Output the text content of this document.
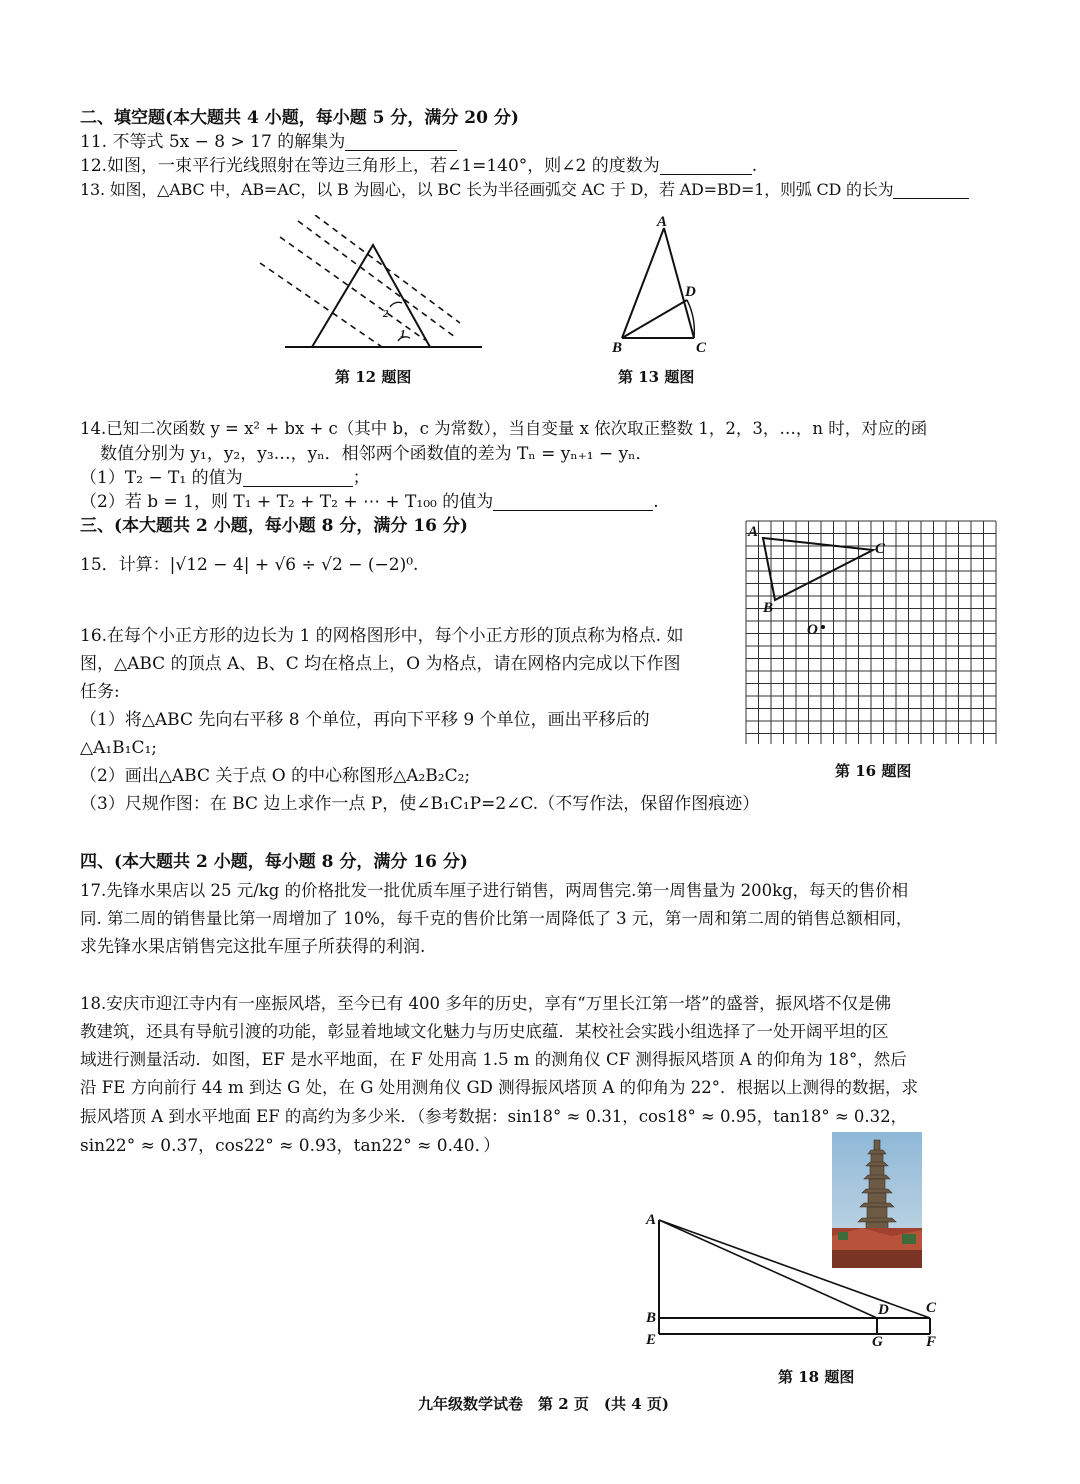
二、填空题(本大题共 4 小题，每小题 5 分，满分 20 分)
11. 不等式 5x − 8 > 17 的解集为
12.如图，一束平行光线照射在等边三角形上，若∠1=140°，则∠2 的度数为	.
13. 如图，△ABC 中，AB=AC，以 B 为圆心，以 BC 长为半径画弧交 AC 于 D，若 AD=BD=1，则弧 CD 的长为
2
1
第 12 题图
A
D
B	C
第 13 题图
14.已知二次函数 y = x² + bx + c（其中 b，c 为常数），当自变量 x 依次取正整数 1，2，3，…，n 时，对应的函
数值分别为 y₁，y₂，y₃…，yₙ．相邻两个函数值的差为 Tₙ = yₙ₊₁ − yₙ．
（1）T₂ − T₁ 的值为	；
（2）若 b = 1，则 T₁ + T₂ + T₂ + ⋯ + T₁₀₀ 的值为	.
三、(本大题共 2 小题，每小题 8 分，满分 16 分)
15．计算：|√12 − 4| + √6 ÷ √2 − (−2)⁰.
A
C
B
O
第 16 题图
16.在每个小正方形的边长为 1 的网格图形中，每个小正方形的顶点称为格点. 如
图，△ABC 的顶点 A、B、C 均在格点上，O 为格点，请在网格内完成以下作图
任务:
（1）将△ABC 先向右平移 8 个单位，再向下平移 9 个单位，画出平移后的
△A₁B₁C₁;
（2）画出△ABC 关于点 O 的中心称图形△A₂B₂C₂;
（3）尺规作图：在 BC 边上求作一点 P，使∠B₁C₁P=2∠C.（不写作法，保留作图痕迹）
四、(本大题共 2 小题，每小题 8 分，满分 16 分)
17.先锋水果店以 25 元/kg 的价格批发一批优质车厘子进行销售，两周售完.第一周售量为 200kg，每天的售价相
同. 第二周的销售量比第一周增加了 10%，每千克的售价比第一周降低了 3 元，第一周和第二周的销售总额相同，
求先锋水果店销售完这批车厘子所获得的利润.
18.安庆市迎江寺内有一座振风塔，至今已有 400 多年的历史，享有“万里长江第一塔”的盛誉，振风塔不仅是佛
教建筑，还具有导航引渡的功能，彰显着地域文化魅力与历史底蕴．某校社会实践小组选择了一处开阔平坦的区
域进行测量活动．如图，EF 是水平地面，在 F 处用高 1.5 m 的测角仪 CF 测得振风塔顶 A 的仰角为 18°，然后
沿 FE 方向前行 44 m 到达 G 处，在 G 处用测角仪 GD 测得振风塔顶 A 的仰角为 22°．根据以上测得的数据，求
振风塔顶 A 到水平地面 EF 的高约为多少米．（参考数据：sin18° ≈ 0.31，cos18° ≈ 0.95，tan18° ≈ 0.32，
sin22° ≈ 0.37，cos22° ≈ 0.93，tan22° ≈ 0.40．）
A
B
E
D C
G	F
第 18 题图
九年级数学试卷　第 2 页　(共 4 页)
